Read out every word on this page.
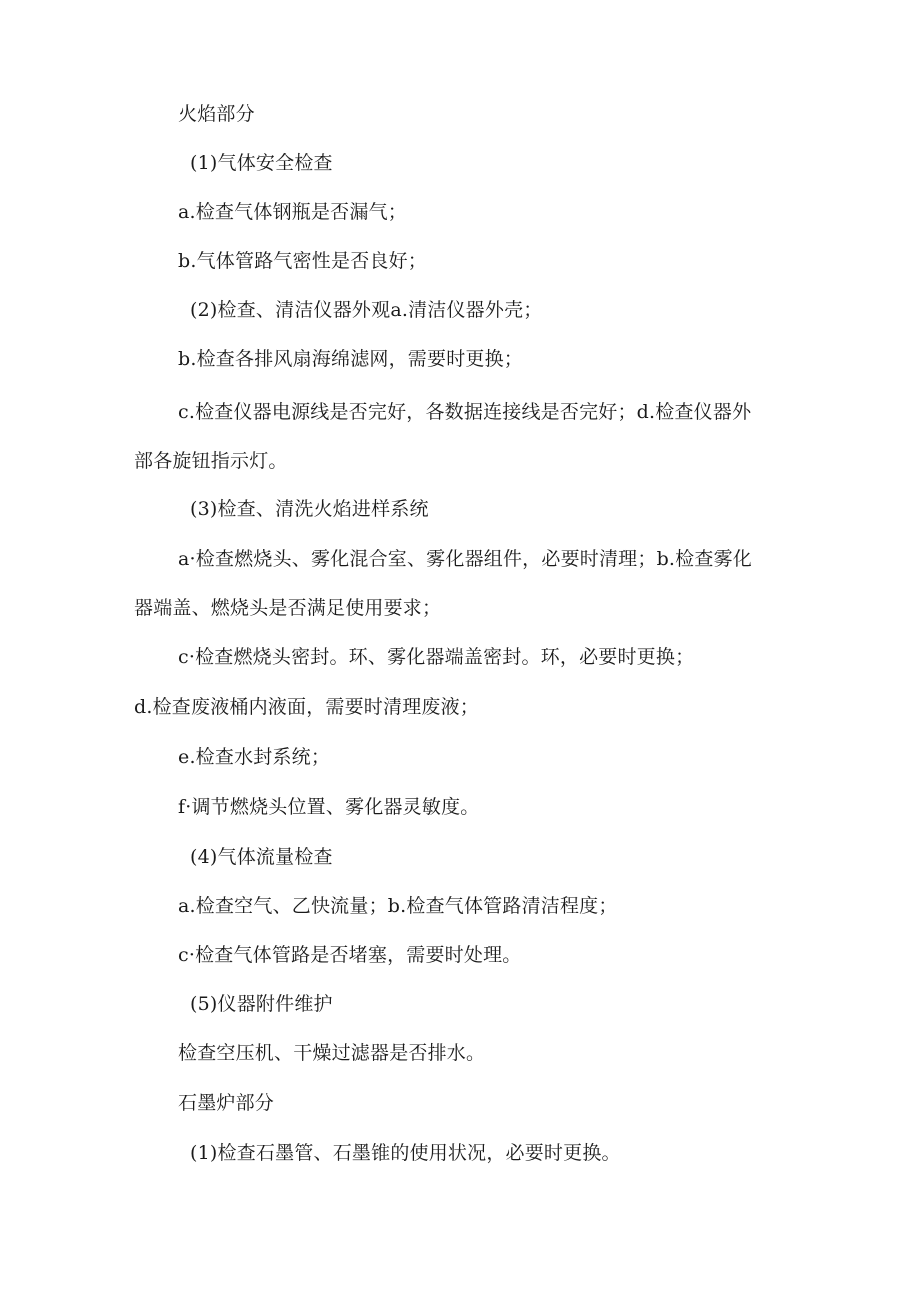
火焰部分
(1)气体安全检查
a.检查气体钢瓶是否漏气；
b.气体管路气密性是否良好；
(2)检查、清洁仪器外观a.清洁仪器外壳；
b.检查各排风扇海绵滤网，需要时更换；
c.检查仪器电源线是否完好，各数据连接线是否完好；d.检查仪器外
部各旋钮指示灯。
(3)检查、清洗火焰进样系统
a·检查燃烧头、雾化混合室、雾化器组件，必要时清理；b.检查雾化
器端盖、燃烧头是否满足使用要求；
c·检查燃烧头密封。环、雾化器端盖密封。环，必要时更换；
d.检查废液桶内液面，需要时清理废液；
e.检查水封系统；
f·调节燃烧头位置、雾化器灵敏度。
(4)气体流量检查
a.检查空气、乙快流量；b.检查气体管路清洁程度；
c·检查气体管路是否堵塞，需要时处理。
(5)仪器附件维护
检查空压机、干燥过滤器是否排水。
石墨炉部分
(1)检查石墨管、石墨锥的使用状况，必要时更换。
